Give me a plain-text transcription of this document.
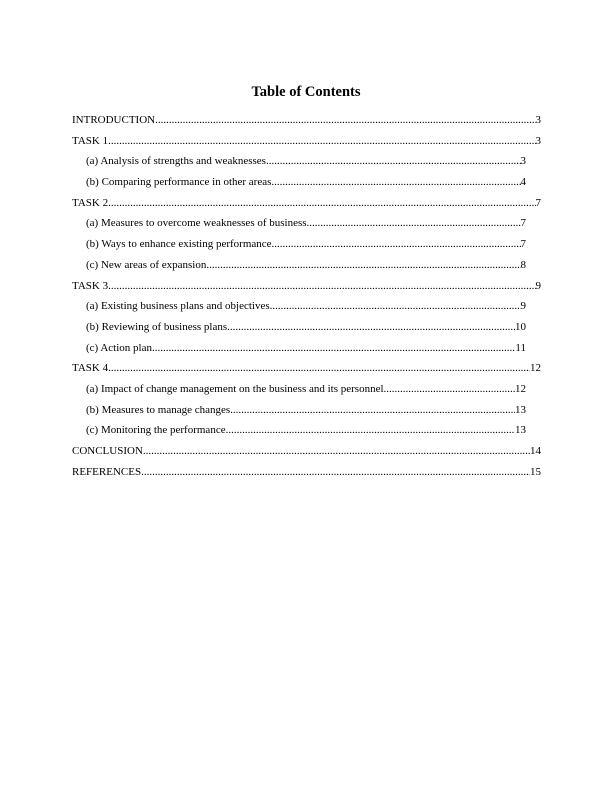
Table of Contents
INTRODUCTION .....	3
TASK 1 .....	3
(a) Analysis of strengths and weaknesses .....	3
(b) Comparing performance in other areas .....	4
TASK 2 .....	7
(a) Measures to overcome weaknesses of business .....	7
(b) Ways to enhance existing performance .....	7
(c) New areas of expansion .....	8
TASK 3 .....	9
(a) Existing business plans and objectives .....	9
(b) Reviewing of business plans .....	10
(c) Action plan .....	11
TASK 4 .....	12
(a) Impact of change management on the business and its personnel .....	12
(b) Measures to manage changes .....	13
(c) Monitoring the performance .....	13
CONCLUSION .....	14
REFERENCES .....	15
